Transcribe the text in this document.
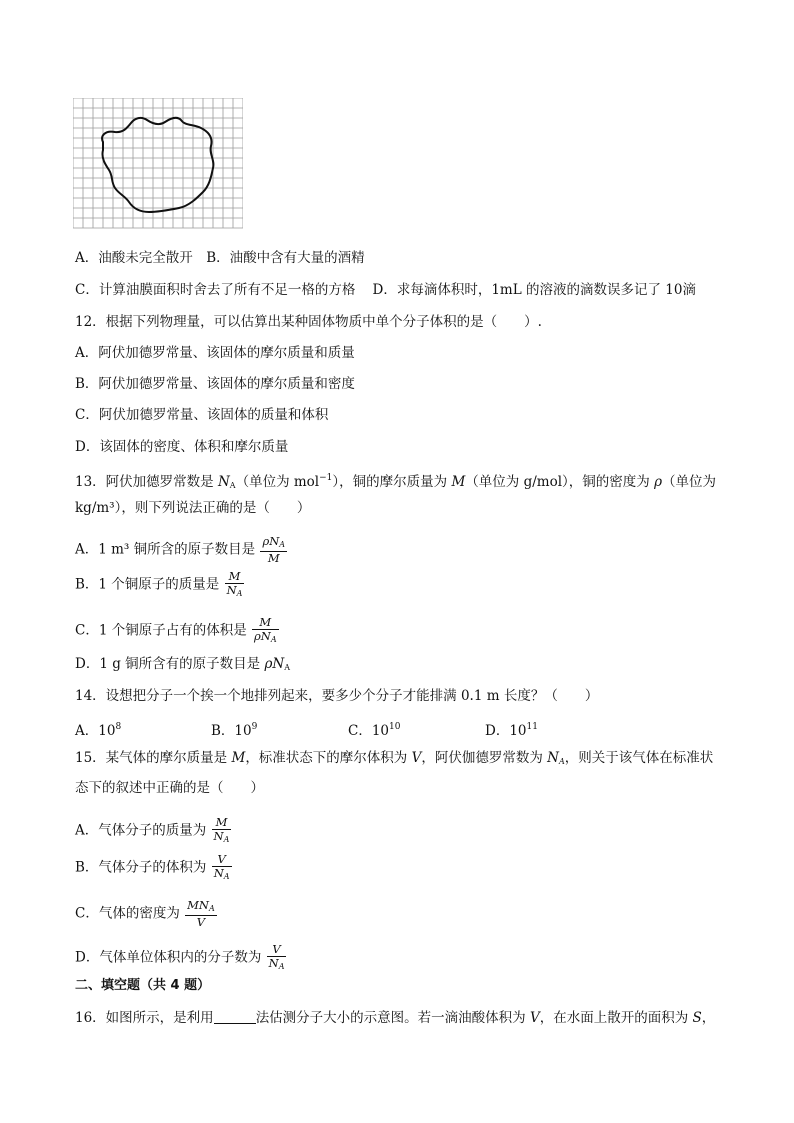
A．油酸未完全散开　B．油酸中含有大量的酒精
C．计算油膜面积时舍去了所有不足一格的方格 D．求每滴体积时，1mL 的溶液的滴数误多记了 10滴
12．根据下列物理量，可以估算出某种固体物质中单个分子体积的是（　　）.
A．阿伏加德罗常量、该固体的摩尔质量和质量
B．阿伏加德罗常量、该固体的摩尔质量和密度
C．阿伏加德罗常量、该固体的质量和体积
D．该固体的密度、体积和摩尔质量
13．阿伏加德罗常数是 $N_A$（单位为 mol$^{-1}$），铜的摩尔质量为 M（单位为 g/mol），铜的密度为 ρ（单位为
kg/m³），则下列说法正确的是（　　）
A．1 m³ 铜所含的原子数目是 $\frac{\rho N_A}{M}$
B．1 个铜原子的质量是 $\frac{M}{N_A}$
C．1 个铜原子占有的体积是 $\frac{M}{\rho N_A}$
D．1 g 铜所含有的原子数目是 $\rho N_A$
14．设想把分子一个挨一个地排列起来，要多少个分子才能排满 0.1 m 长度？（　　）
A．$10^8$	B．$10^9$	C．$10^{10}$	D．$10^{11}$
15．某气体的摩尔质量是 M，标准状态下的摩尔体积为 V，阿伏伽德罗常数为 $N_A$，则关于该气体在标准状
态下的叙述中正确的是（　　）
A．气体分子的质量为 $\frac{M}{N_A}$
B．气体分子的体积为 $\frac{V}{N_A}$
C．气体的密度为 $\frac{MN_A}{V}$
D．气体单位体积内的分子数为 $\frac{V}{N_A}$
二、填空题（共 4 题）
16．如图所示，是利用	法估测分子大小的示意图。若一滴油酸体积为 V，在水面上散开的面积为 S，
